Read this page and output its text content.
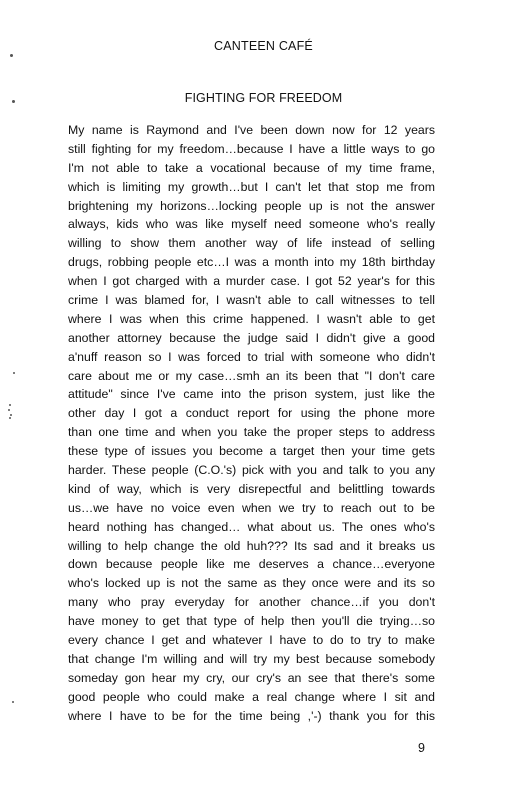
CANTEEN CAFÉ
FIGHTING FOR FREEDOM
My name is Raymond and I've been down now for 12 years
still fighting for my freedom…because I have a little ways to go
I'm not able to take a vocational because of my time frame,
which is limiting my growth…but I can't let that stop me from
brightening my horizons…locking people up is not the answer
always, kids who was like myself need someone who's really
willing to show them another way of life instead of selling
drugs, robbing people etc…I was a month into my 18th birthday
when I got charged with a murder case. I got 52 year's for this
crime I was blamed for, I wasn't able to call witnesses to tell
where I was when this crime happened. I wasn't able to get
another attorney because the judge said I didn't give a good
a'nuff reason so I was forced to trial with someone who didn't
care about me or my case…smh an its been that "I don't care
attitude" since I've came into the prison system, just like the
other day I got a conduct report for using the phone more
than one time and when you take the proper steps to address
these type of issues you become a target then your time gets
harder. These people (C.O.'s) pick with you and talk to you any
kind of way, which is very disrepectful and belittling towards
us…we have no voice even when we try to reach out to be
heard nothing has changed… what about us. The ones who's
willing to help change the old huh??? Its sad and it breaks us
down because people like me deserves a chance…everyone
who's locked up is not the same as they once were and its so
many who pray everyday for another chance…if you don't
have money to get that type of help then you'll die trying…so
every chance I get and whatever I have to do to try to make
that change I'm willing and will try my best because somebody
someday gon hear my cry, our cry's an see that there's some
good people who could make a real change where I sit and
where I have to be for the time being ,'-) thank you for this
9
